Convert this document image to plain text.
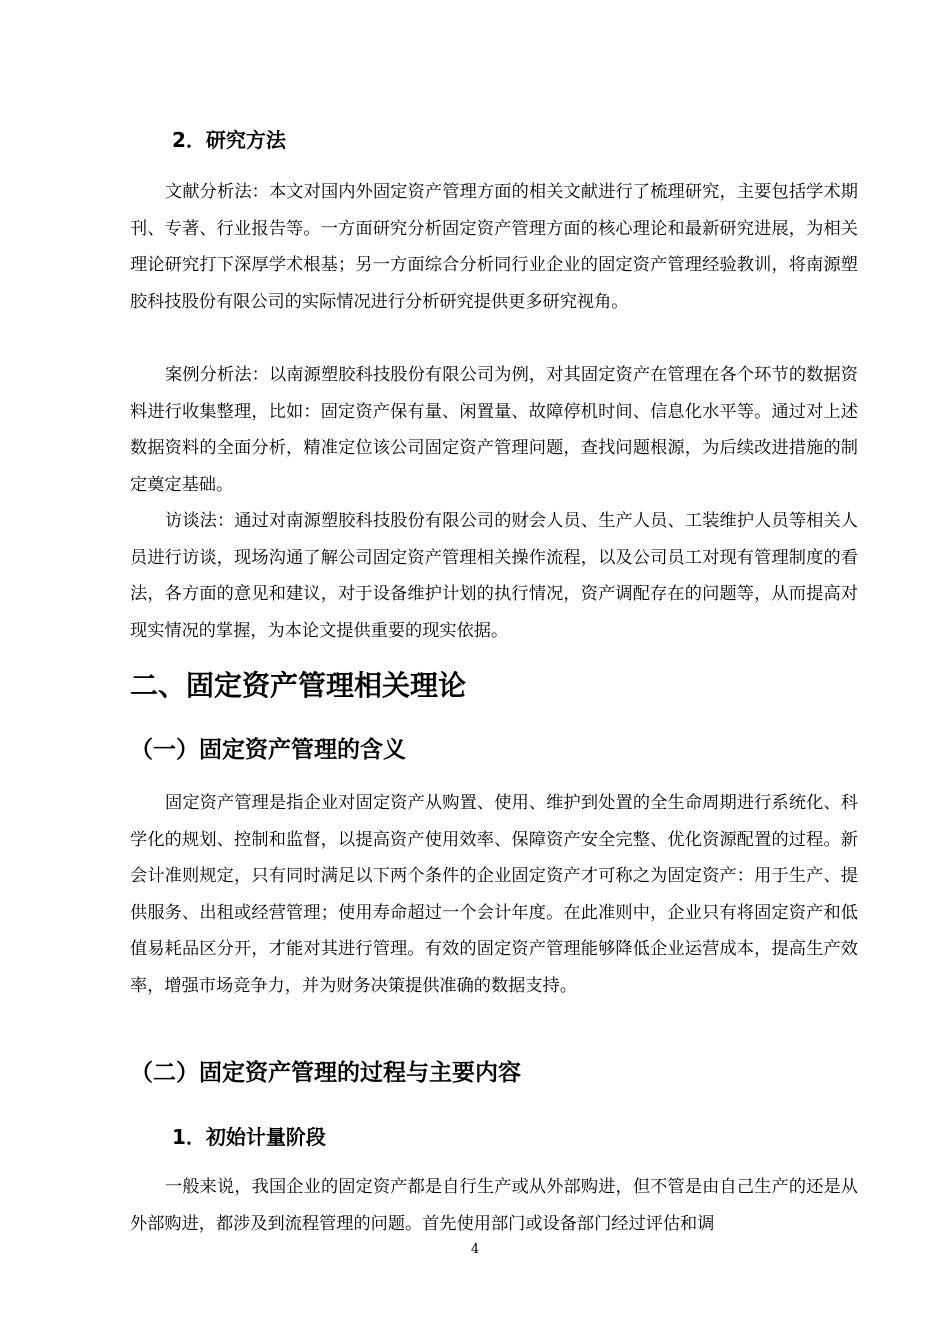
2．研究方法

文献分析法：本文对国内外固定资产管理方面的相关文献进行了梳理研究，主要包括学术期刊、专著、行业报告等。一方面研究分析固定资产管理方面的核心理论和最新研究进展，为相关理论研究打下深厚学术根基；另一方面综合分析同行业企业的固定资产管理经验教训，将南源塑胶科技股份有限公司的实际情况进行分析研究提供更多研究视角。

案例分析法：以南源塑胶科技股份有限公司为例，对其固定资产在管理在各个环节的数据资料进行收集整理，比如：固定资产保有量、闲置量、故障停机时间、信息化水平等。通过对上述数据资料的全面分析，精准定位该公司固定资产管理问题，查找问题根源，为后续改进措施的制定奠定基础。

访谈法：通过对南源塑胶科技股份有限公司的财会人员、生产人员、工装维护人员等相关人员进行访谈，现场沟通了解公司固定资产管理相关操作流程，以及公司员工对现有管理制度的看法，各方面的意见和建议，对于设备维护计划的执行情况，资产调配存在的问题等，从而提高对现实情况的掌握，为本论文提供重要的现实依据。

二、固定资产管理相关理论
（一）固定资产管理的含义

固定资产管理是指企业对固定资产从购置、使用、维护到处置的全生命周期进行系统化、科学化的规划、控制和监督，以提高资产使用效率、保障资产安全完整、优化资源配置的过程。新会计准则规定，只有同时满足以下两个条件的企业固定资产才可称之为固定资产：用于生产、提供服务、出租或经营管理；使用寿命超过一个会计年度。在此准则中，企业只有将固定资产和低值易耗品区分开，才能对其进行管理。有效的固定资产管理能够降低企业运营成本，提高生产效率，增强市场竞争力，并为财务决策提供准确的数据支持。

（二）固定资产管理的过程与主要内容
1．初始计量阶段

一般来说，我国企业的固定资产都是自行生产或从外部购进，但不管是由自己生产的还是从外部购进，都涉及到流程管理的问题。首先使用部门或设备部门经过评估和调

4
